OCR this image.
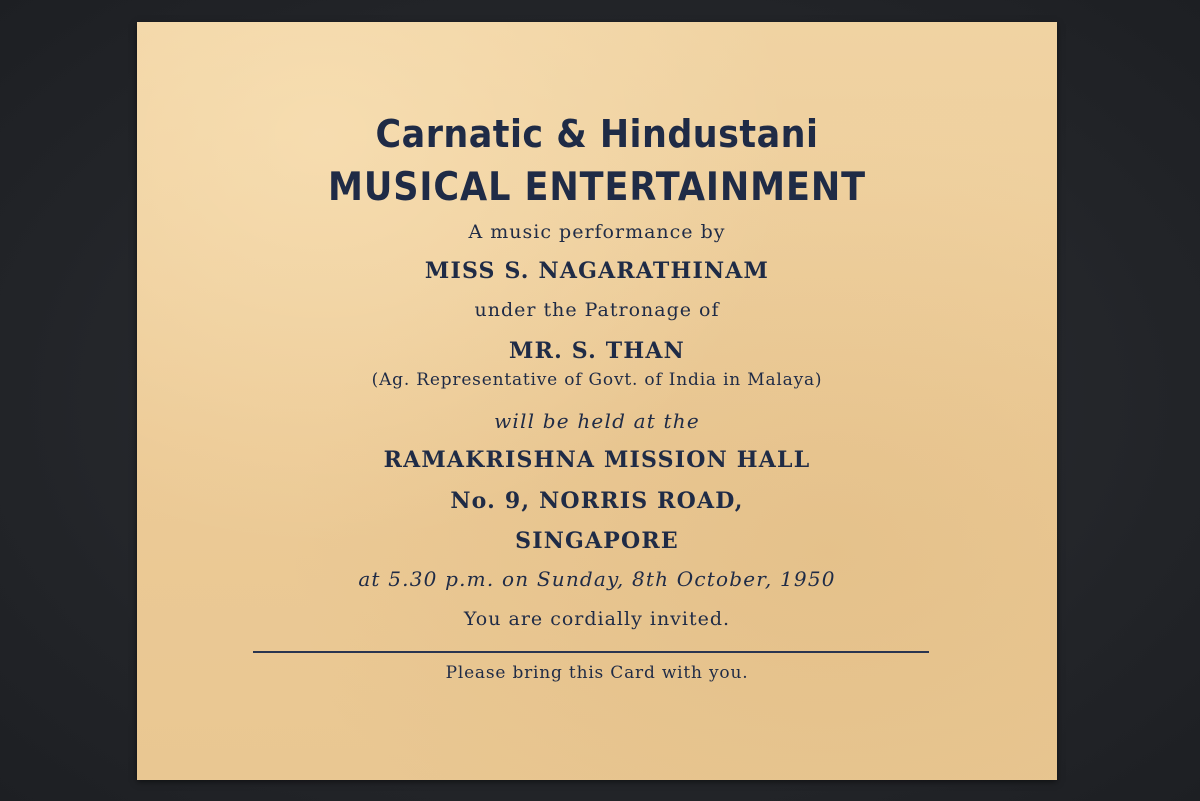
Carnatic & Hindustani
MUSICAL ENTERTAINMENT
A music performance by
MISS S. NAGARATHINAM
under the Patronage of
MR. S. THAN
(Ag. Representative of Govt. of India in Malaya)
will be held at the
RAMAKRISHNA MISSION HALL
No. 9, NORRIS ROAD,
SINGAPORE
at 5.30 p.m. on Sunday, 8th October, 1950
You are cordially invited.
Please bring this Card with you.
